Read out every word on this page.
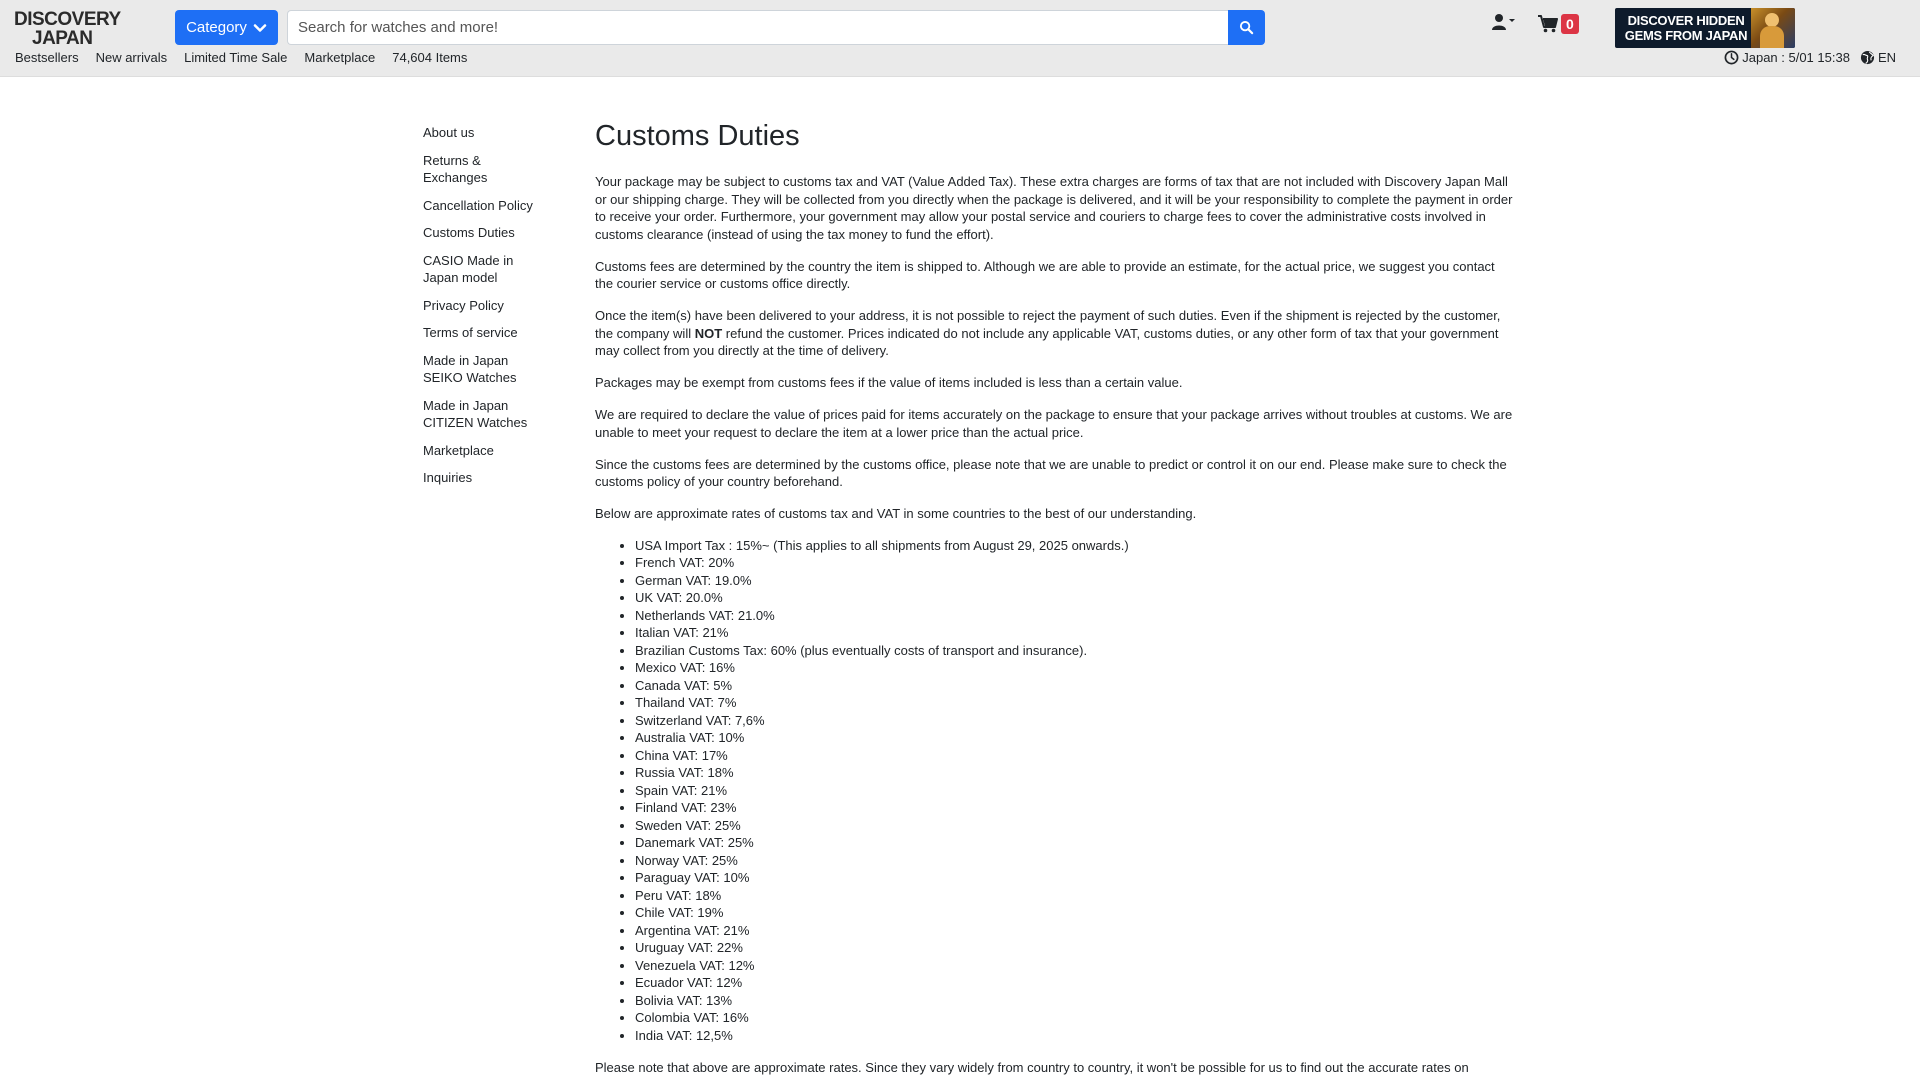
DISCOVERY
JAPAN
Category
Search for watches and more!	0	DISCOVER HIDDEN GEMS FROM JAPAN
Bestsellers New arrivals Limited Time Sale Marketplace 74,604 Items	Japan : 5/01 15:38 EN
About us
Returns & Exchanges
Cancellation Policy
Customs Duties
CASIO Made in Japan model
Privacy Policy
Terms of service
Made in Japan SEIKO Watches
Made in Japan CITIZEN Watches
Marketplace
Inquiries
Customs Duties

Your package may be subject to customs tax and VAT (Value Added Tax). These extra charges are forms of tax that are not included with Discovery Japan Mall or our shipping charge. They will be collected from you directly when the package is delivered, and it will be your responsibility to complete the payment in order to receive your order. Furthermore, your government may allow your postal service and couriers to charge fees to cover the administrative costs involved in customs clearance (instead of using the tax money to fund the effort).

Customs fees are determined by the country the item is shipped to. Although we are able to provide an estimate, for the actual price, we suggest you contact the courier service or customs office directly.

Once the item(s) have been delivered to your address, it is not possible to reject the payment of such duties. Even if the shipment is rejected by the customer, the company will NOT refund the customer. Prices indicated do not include any applicable VAT, customs duties, or any other form of tax that your government may collect from you directly at the time of delivery.

Packages may be exempt from customs fees if the value of items included is less than a certain value.

We are required to declare the value of prices paid for items accurately on the package to ensure that your package arrives without troubles at customs. We are unable to meet your request to declare the item at a lower price than the actual price.

Since the customs fees are determined by the customs office, please note that we are unable to predict or control it on our end. Please make sure to check the customs policy of your country beforehand.

Below are approximate rates of customs tax and VAT in some countries to the best of our understanding.

• USA Import Tax : 15%~ (This applies to all shipments from August 29, 2025 onwards.)
• French VAT: 20%
• German VAT: 19.0%
• UK VAT: 20.0%
• Netherlands VAT: 21.0%
• Italian VAT: 21%
• Brazilian Customs Tax: 60% (plus eventually costs of transport and insurance).
• Mexico VAT: 16%
• Canada VAT: 5%
• Thailand VAT: 7%
• Switzerland VAT: 7,6%
• Australia VAT: 10%
• China VAT: 17%
• Russia VAT: 18%
• Spain VAT: 21%
• Finland VAT: 23%
• Sweden VAT: 25%
• Danemark VAT: 25%
• Norway VAT: 25%
• Paraguay VAT: 10%
• Peru VAT: 18%
• Chile VAT: 19%
• Argentina VAT: 21%
• Uruguay VAT: 22%
• Venezuela VAT: 12%
• Ecuador VAT: 12%
• Bolivia VAT: 13%
• Colombia VAT: 16%
• India VAT: 12,5%

Please note that above are approximate rates. Since they vary widely from country to country, it won't be possible for us to find out the accurate rates on
